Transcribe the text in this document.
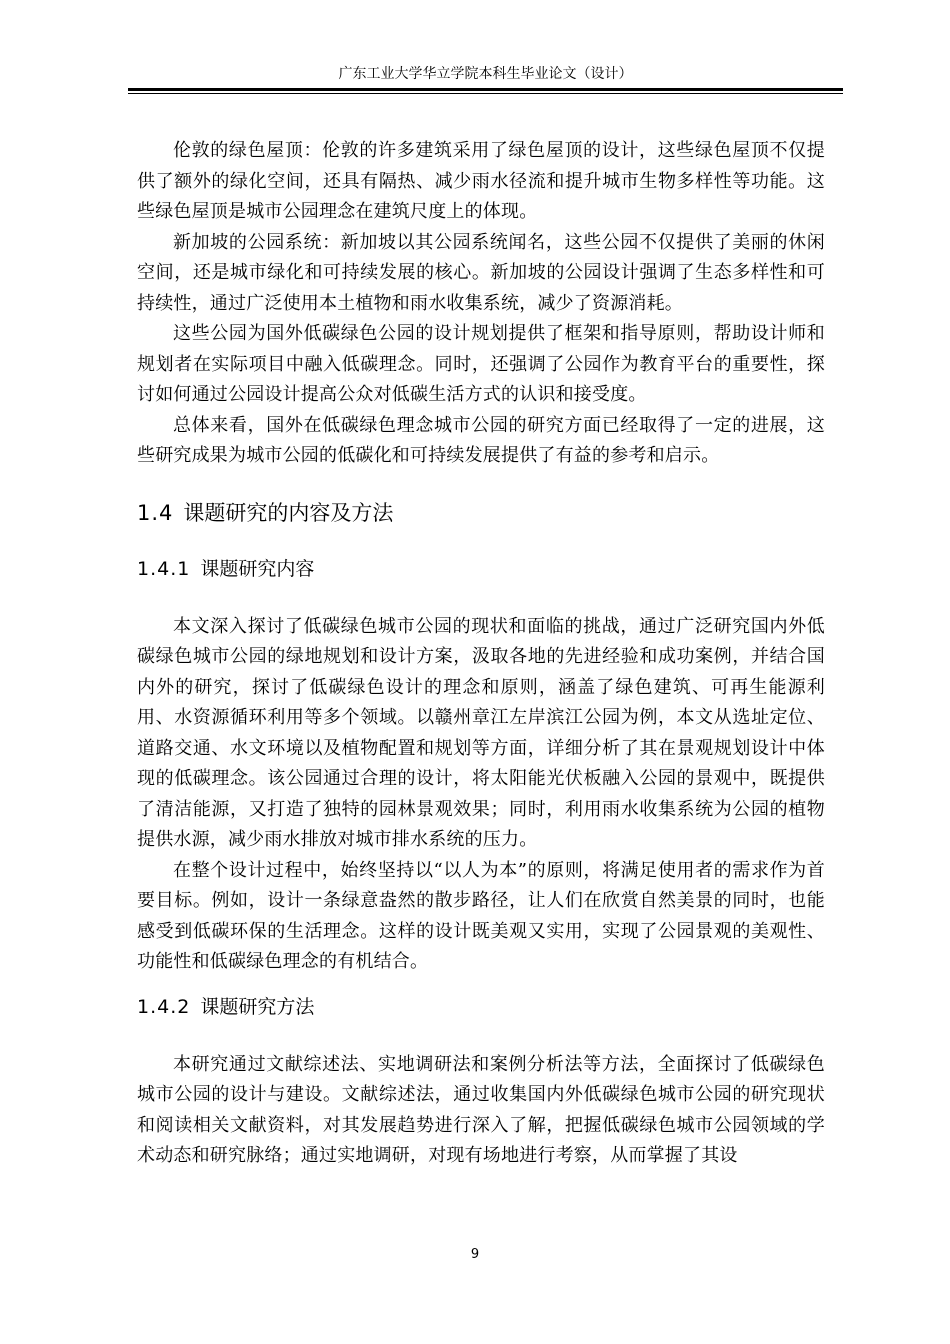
广东工业大学华立学院本科生毕业论文（设计）

伦敦的绿色屋顶：伦敦的许多建筑采用了绿色屋顶的设计，这些绿色屋顶不仅提供了额外的绿化空间，还具有隔热、减少雨水径流和提升城市生物多样性等功能。这些绿色屋顶是城市公园理念在建筑尺度上的体现。

新加坡的公园系统：新加坡以其公园系统闻名，这些公园不仅提供了美丽的休闲空间，还是城市绿化和可持续发展的核心。新加坡的公园设计强调了生态多样性和可持续性，通过广泛使用本土植物和雨水收集系统，减少了资源消耗。

这些公园为国外低碳绿色公园的设计规划提供了框架和指导原则，帮助设计师和规划者在实际项目中融入低碳理念。同时，还强调了公园作为教育平台的重要性，探讨如何通过公园设计提高公众对低碳生活方式的认识和接受度。

总体来看，国外在低碳绿色理念城市公园的研究方面已经取得了一定的进展，这些研究成果为城市公园的低碳化和可持续发展提供了有益的参考和启示。

1.4 课题研究的内容及方法
1.4.1 课题研究内容

本文深入探讨了低碳绿色城市公园的现状和面临的挑战，通过广泛研究国内外低碳绿色城市公园的绿地规划和设计方案，汲取各地的先进经验和成功案例，并结合国内外的研究，探讨了低碳绿色设计的理念和原则，涵盖了绿色建筑、可再生能源利用、水资源循环利用等多个领域。以赣州章江左岸滨江公园为例，本文从选址定位、道路交通、水文环境以及植物配置和规划等方面，详细分析了其在景观规划设计中体现的低碳理念。该公园通过合理的设计，将太阳能光伏板融入公园的景观中，既提供了清洁能源，又打造了独特的园林景观效果；同时，利用雨水收集系统为公园的植物提供水源，减少雨水排放对城市排水系统的压力。

在整个设计过程中，始终坚持以“以人为本”的原则，将满足使用者的需求作为首要目标。例如，设计一条绿意盎然的散步路径，让人们在欣赏自然美景的同时，也能感受到低碳环保的生活理念。这样的设计既美观又实用，实现了公园景观的美观性、功能性和低碳绿色理念的有机结合。

1.4.2 课题研究方法

本研究通过文献综述法、实地调研法和案例分析法等方法，全面探讨了低碳绿色城市公园的设计与建设。文献综述法，通过收集国内外低碳绿色城市公园的研究现状和阅读相关文献资料，对其发展趋势进行深入了解，把握低碳绿色城市公园领域的学术动态和研究脉络；通过实地调研，对现有场地进行考察，从而掌握了其设

9
